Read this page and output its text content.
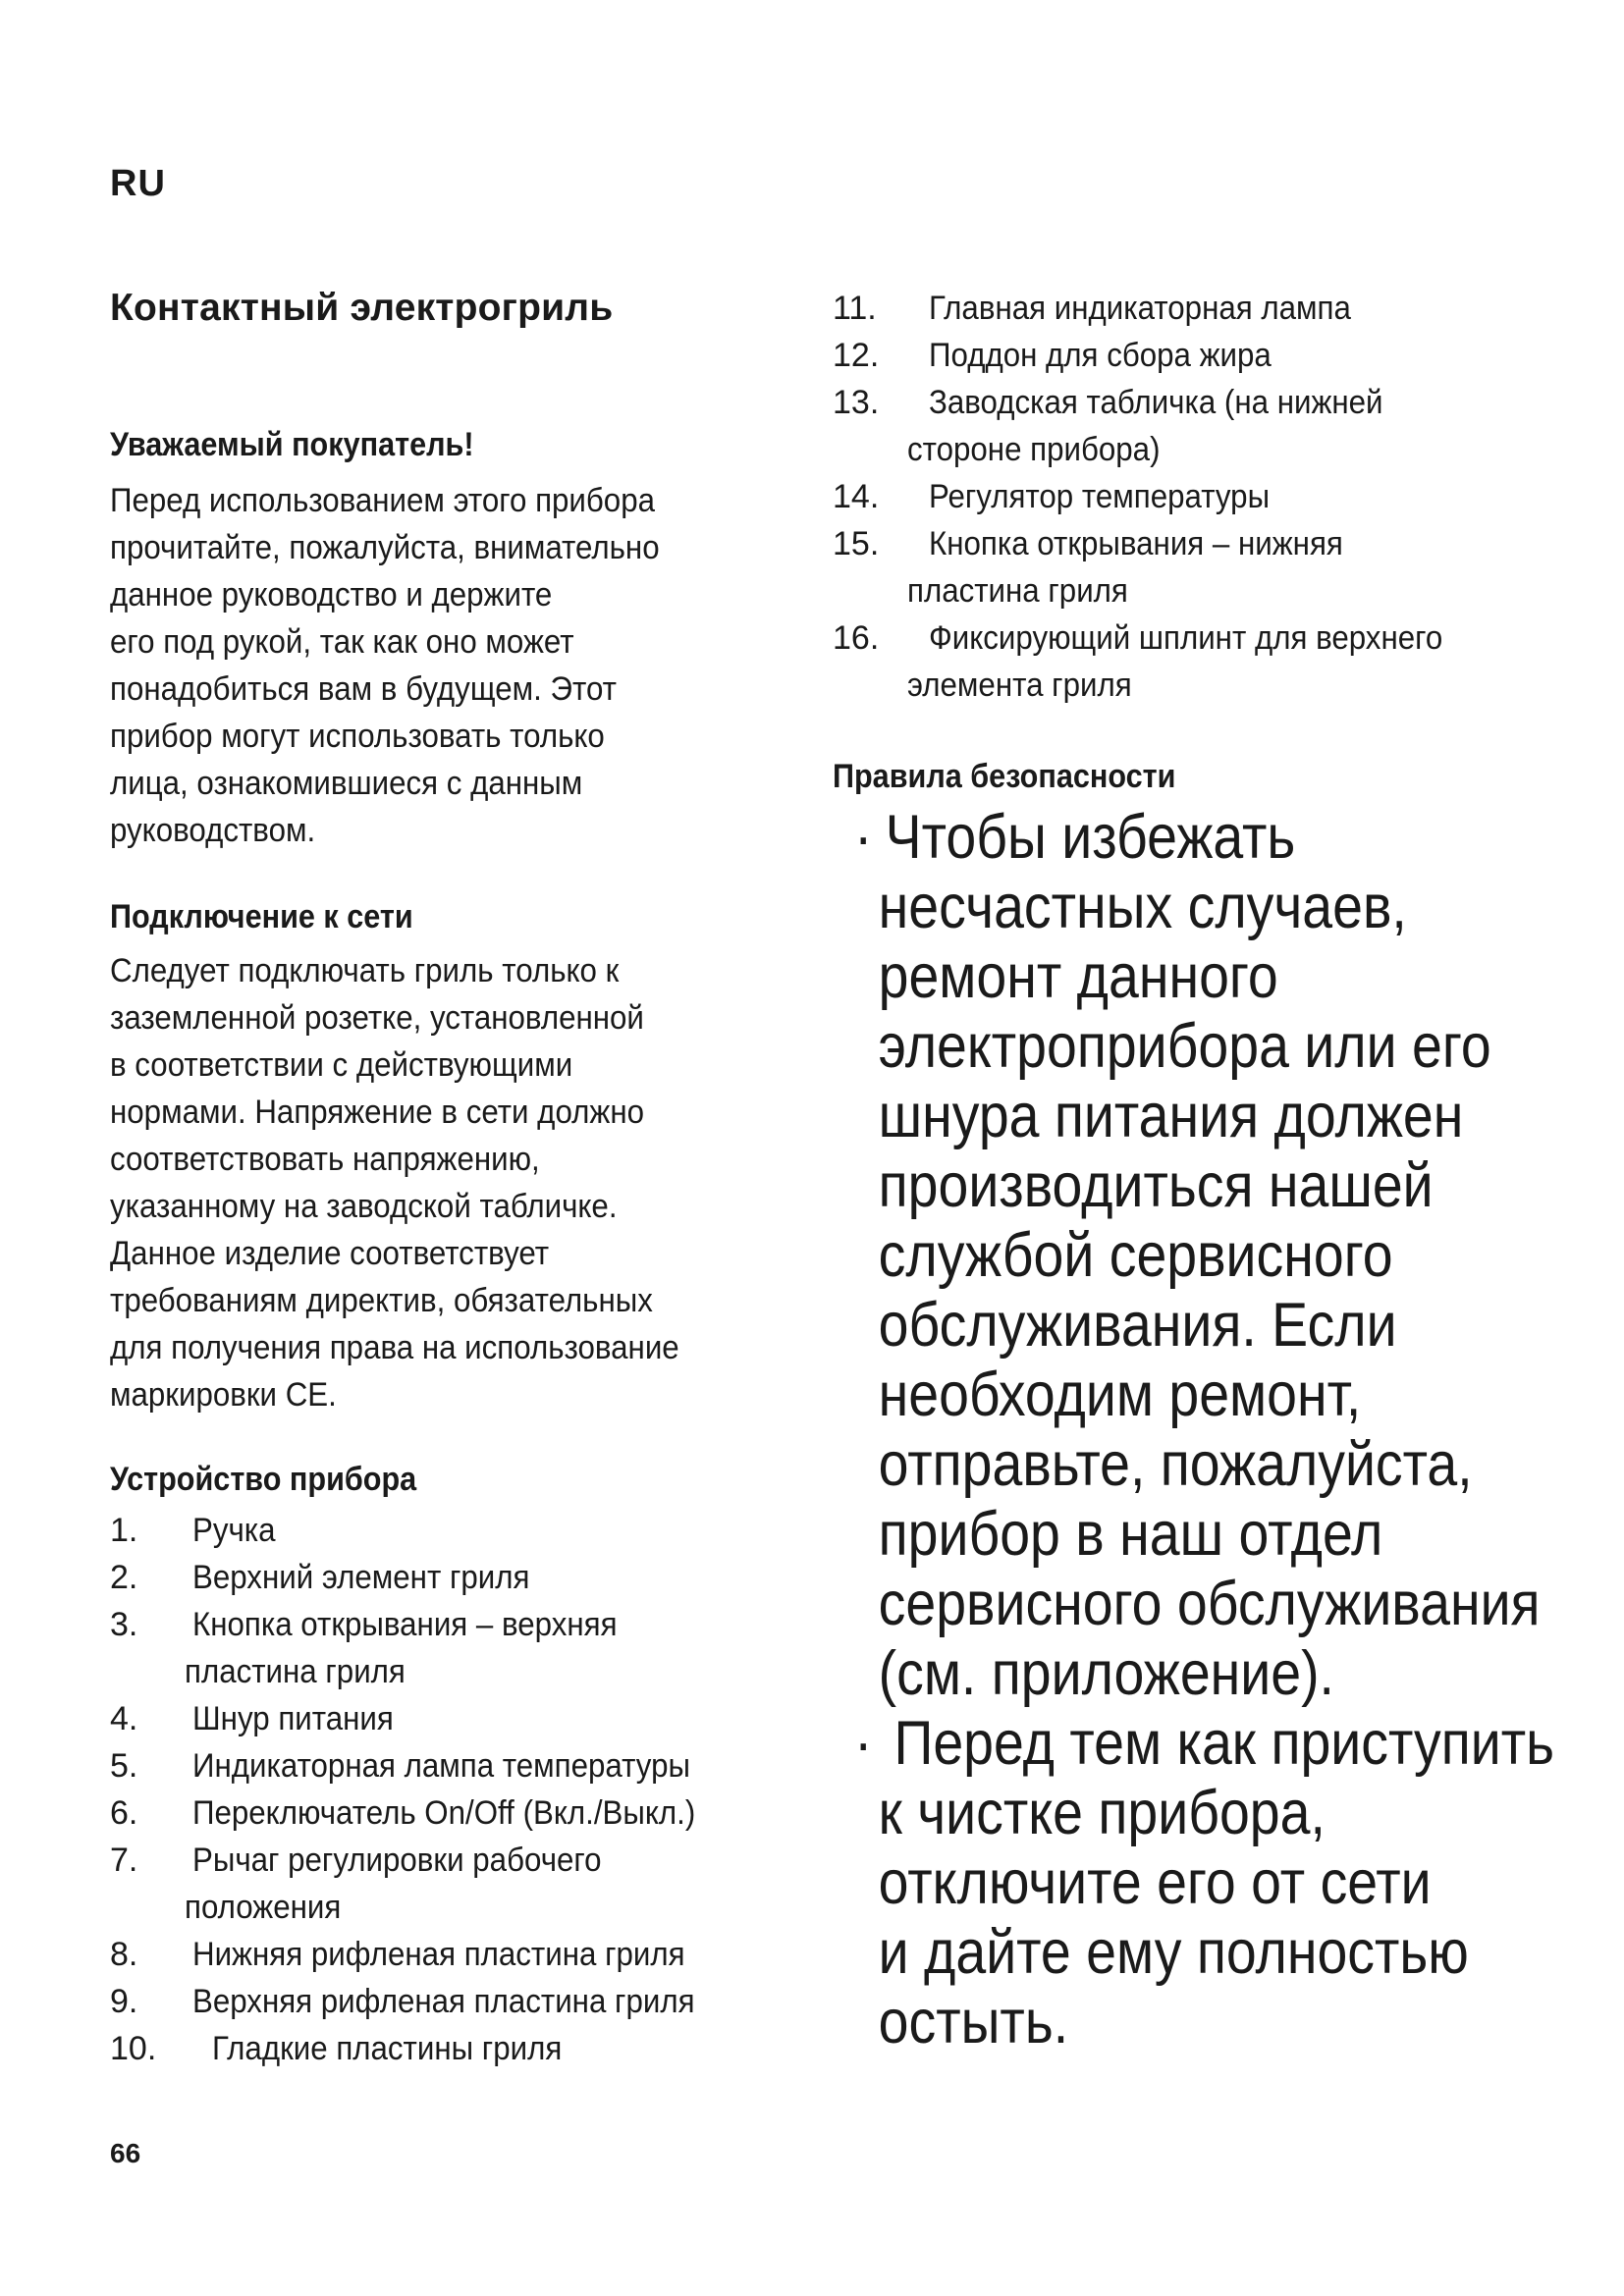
RU
Контактный электрогриль
Уважаемый покупатель!
Перед использованием этого прибора
прочитайте, пожалуйста, внимательно
данное руководство и держите
его под рукой, так как оно может
понадобиться вам в будущем. Этот
прибор могут использовать только
лица, ознакомившиеся с данным
руководством.
Подключение к сети
Следует подключать гриль только к
заземленной розетке, установленной
в соответствии с действующими
нормами. Напряжение в сети должно
соответствовать напряжению,
указанному на заводской табличке.
Данное изделие соответствует
требованиям директив, обязательных
для получения права на использование
маркировки CE.
Устройство прибора
1. Ручка
2. Верхний элемент гриля
3. Кнопка открывания – верхняя
пластина гриля
4. Шнур питания
5. Индикаторная лампа температуры
6. Переключатель On/Off (Вкл./Выкл.)
7. Рычаг регулировки рабочего
положения
8. Нижняя рифленая пластина гриля
9. Верхняя рифленая пластина гриля
10. Гладкие пластины гриля
11. Главная индикаторная лампа
12. Поддон для сбора жира
13. Заводская табличка (на нижней
стороне прибора)
14. Регулятор температуры
15. Кнопка открывания – нижняя
пластина гриля
16. Фиксирующий шплинт для верхнего
элемента гриля
Правила безопасности
· Чтобы избежать
несчастных случаев,
ремонт данного
электроприбора или его
шнура питания должен
производиться нашей
службой сервисного
обслуживания. Если
необходим ремонт,
отправьте, пожалуйста,
прибор в наш отдел
сервисного обслуживания
(см. приложение).
· Перед тем как приступить
к чистке прибора,
отключите его от сети
и дайте ему полностью
остыть.
66
